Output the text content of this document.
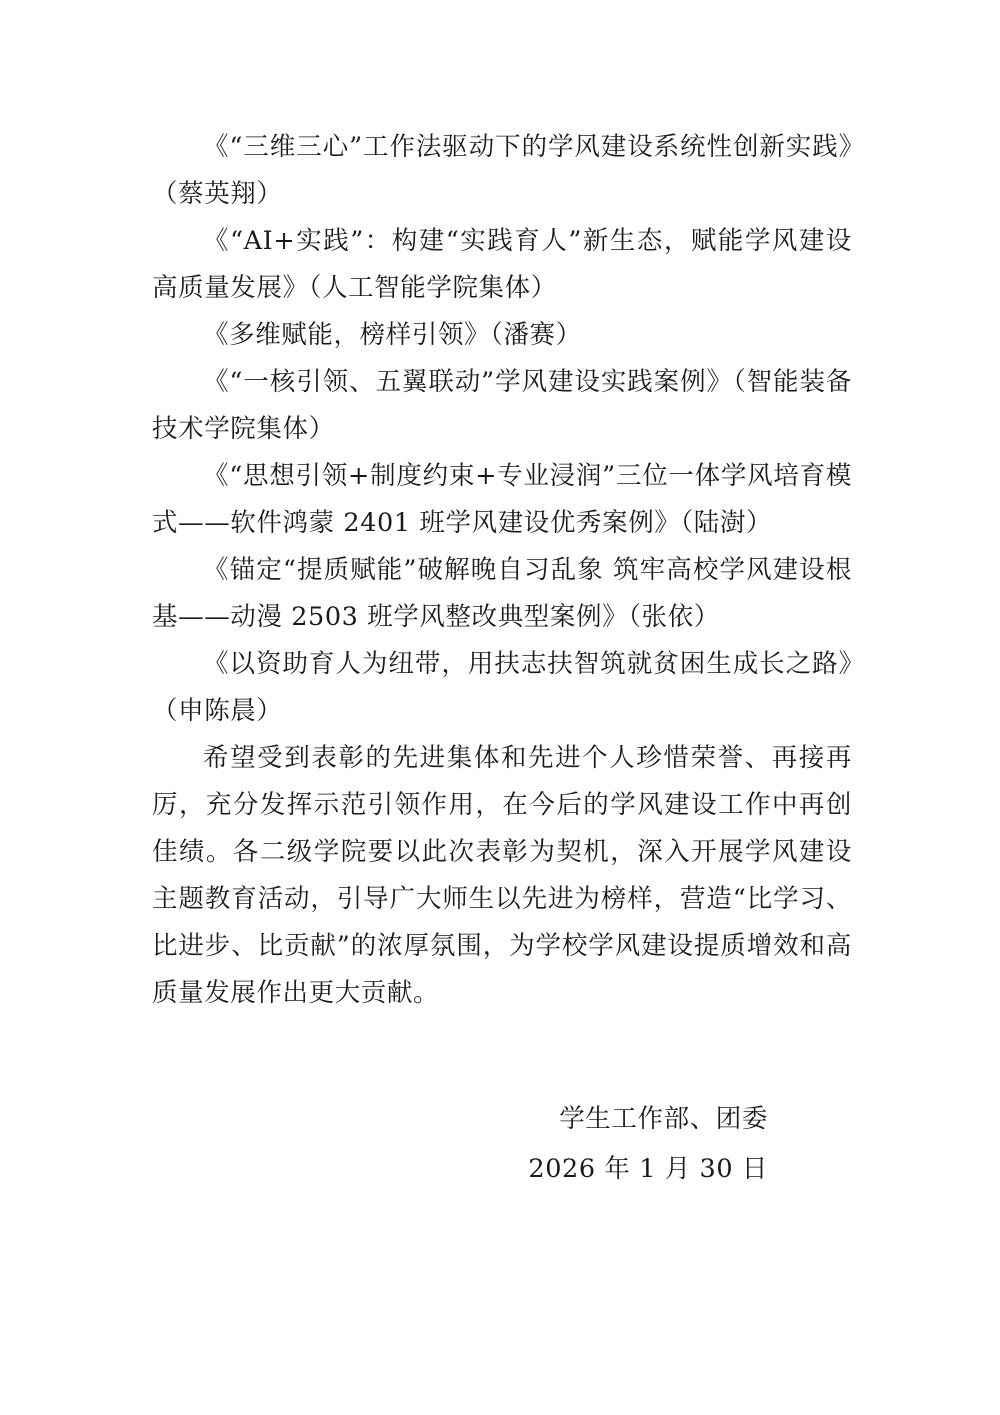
《“三维三心”工作法驱动下的学风建设系统性创新实践》（蔡英翔）

《“AI+实践”：构建“实践育人”新生态，赋能学风建设高质量发展》（人工智能学院集体）

《多维赋能，榜样引领》（潘赛）

《“一核引领、五翼联动”学风建设实践案例》（智能装备技术学院集体）

《“思想引领+制度约束+专业浸润”三位一体学风培育模式——软件鸿蒙 2401 班学风建设优秀案例》（陆澍）

《锚定“提质赋能”破解晚自习乱象 筑牢高校学风建设根基——动漫 2503 班学风整改典型案例》（张依）

《以资助育人为纽带，用扶志扶智筑就贫困生成长之路》（申陈晨）

希望受到表彰的先进集体和先进个人珍惜荣誉、再接再厉，充分发挥示范引领作用，在今后的学风建设工作中再创佳绩。各二级学院要以此次表彰为契机，深入开展学风建设主题教育活动，引导广大师生以先进为榜样，营造“比学习、比进步、比贡献”的浓厚氛围，为学校学风建设提质增效和高质量发展作出更大贡献。

学生工作部、团委
2026 年 1 月 30 日
